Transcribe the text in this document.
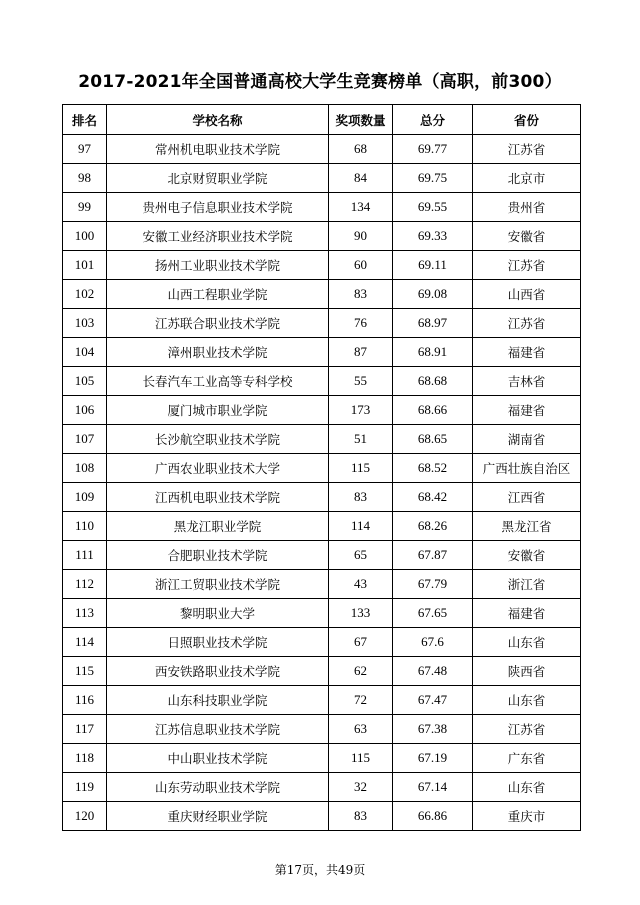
2017-2021年全国普通高校大学生竞赛榜单（高职，前300）
排名	学校名称	奖项数量	总分	省份
97	常州机电职业技术学院	68	69.77	江苏省
98	北京财贸职业学院	84	69.75	北京市
99	贵州电子信息职业技术学院	134	69.55	贵州省
100	安徽工业经济职业技术学院	90	69.33	安徽省
101	扬州工业职业技术学院	60	69.11	江苏省
102	山西工程职业学院	83	69.08	山西省
103	江苏联合职业技术学院	76	68.97	江苏省
104	漳州职业技术学院	87	68.91	福建省
105	长春汽车工业高等专科学校	55	68.68	吉林省
106	厦门城市职业学院	173	68.66	福建省
107	长沙航空职业技术学院	51	68.65	湖南省
108	广西农业职业技术大学	115	68.52	广西壮族自治区
109	江西机电职业技术学院	83	68.42	江西省
110	黑龙江职业学院	114	68.26	黑龙江省
111	合肥职业技术学院	65	67.87	安徽省
112	浙江工贸职业技术学院	43	67.79	浙江省
113	黎明职业大学	133	67.65	福建省
114	日照职业技术学院	67	67.6	山东省
115	西安铁路职业技术学院	62	67.48	陕西省
116	山东科技职业学院	72	67.47	山东省
117	江苏信息职业技术学院	63	67.38	江苏省
118	中山职业技术学院	115	67.19	广东省
119	山东劳动职业技术学院	32	67.14	山东省
120	重庆财经职业学院	83	66.86	重庆市
第17页，共49页
